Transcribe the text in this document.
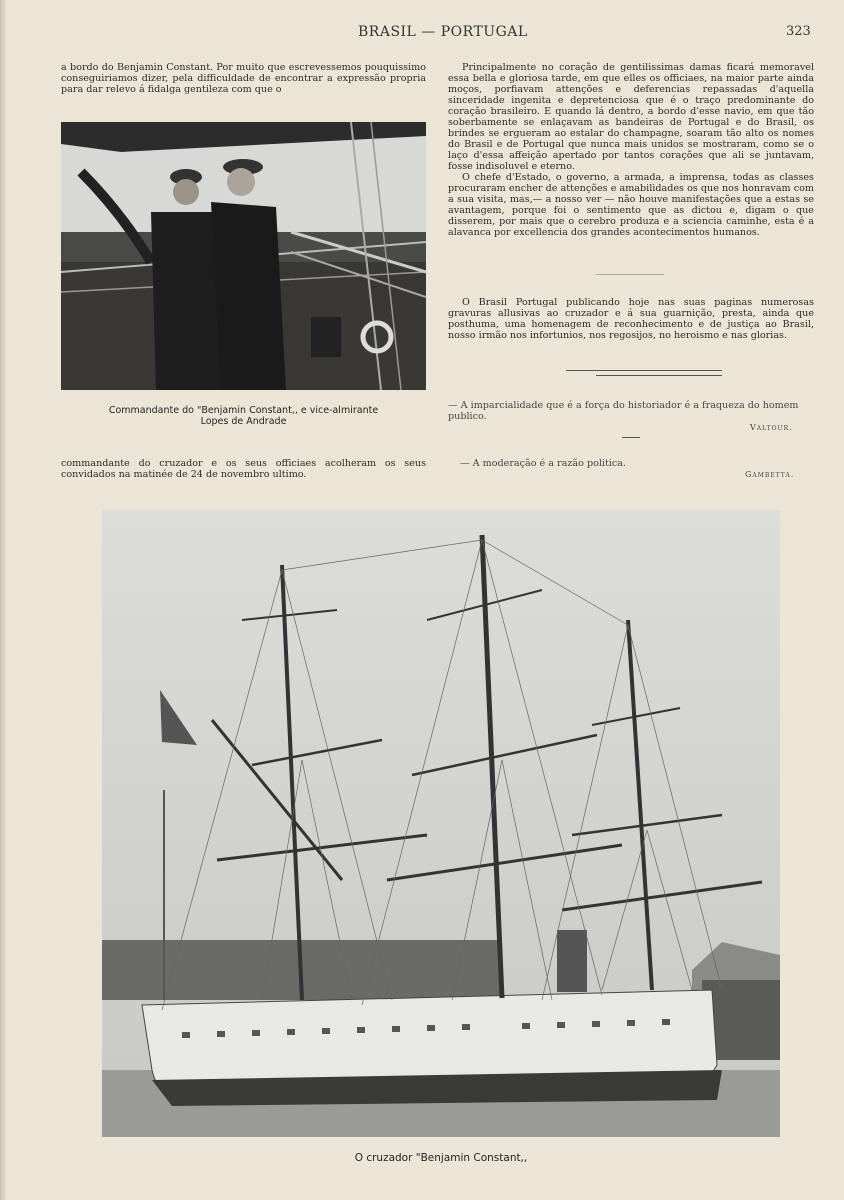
BRASIL — PORTUGAL	323

a bordo do Benjamin Constant. Por muito que escrevessemos pouquissimo conseguiriamos dizer, pela difficuldade de encontrar a expressão propria para dar relevo á fidalga gentileza com que o

Commandante do "Benjamin Constant,, e vice-almirante
Lopes de Andrade

commandante do cruzador e os seus officiaes acolheram os seus convidados na matinée de 24 de novembro ultimo.

Principalmente no coração de gentilissimas damas ficará memoravel essa bella e gloriosa tarde, em que elles os officiaes, na maior parte ainda moços, porfiavam attenções e deferencias repassadas d'aquella sinceridade ingenita e depretenciosa que é o traço predominante do coração brasileiro. E quando lá dentro, a bordo d'esse navio, em que tão soberbamente se enlaçavam as bandeiras de Portugal e do Brasil, os brindes se ergueram ao estalar do champagne, soaram tão alto os nomes do Brasil e de Portugal que nunca mais unidos se mostraram, como se o laço d'essa affeição apertado por tantos corações que ali se juntavam, fosse indisoluvel e eterno.

O chefe d'Estado, o governo, a armada, a imprensa, todas as classes procuraram encher de attenções e amabilidades os que nos honravam com a sua visita, mas,— a nosso ver — não houve manifestações que a estas se avantagem, porque foi o sentimento que as dictou e, digam o que disserem, por mais que o cerebro produza e a sciencia caminhe, esta é a alavanca por excellencia dos grandes acontecimentos humanos.

O Brasil Portugal publicando hoje nas suas paginas numerosas gravuras allusivas ao cruzador e á sua guarnição, presta, ainda que posthuma, uma homenagem de reconhecimento e de justiça ao Brasil, nosso irmão nos infortunios, nos regosijos, no heroismo e nas glorias.

— A imparcialidade que é a força do historiador é a fraqueza do homem publico.
Valtour.
— A moderação é a razão politica.
Gambetta.
O cruzador "Benjamin Constant,,
